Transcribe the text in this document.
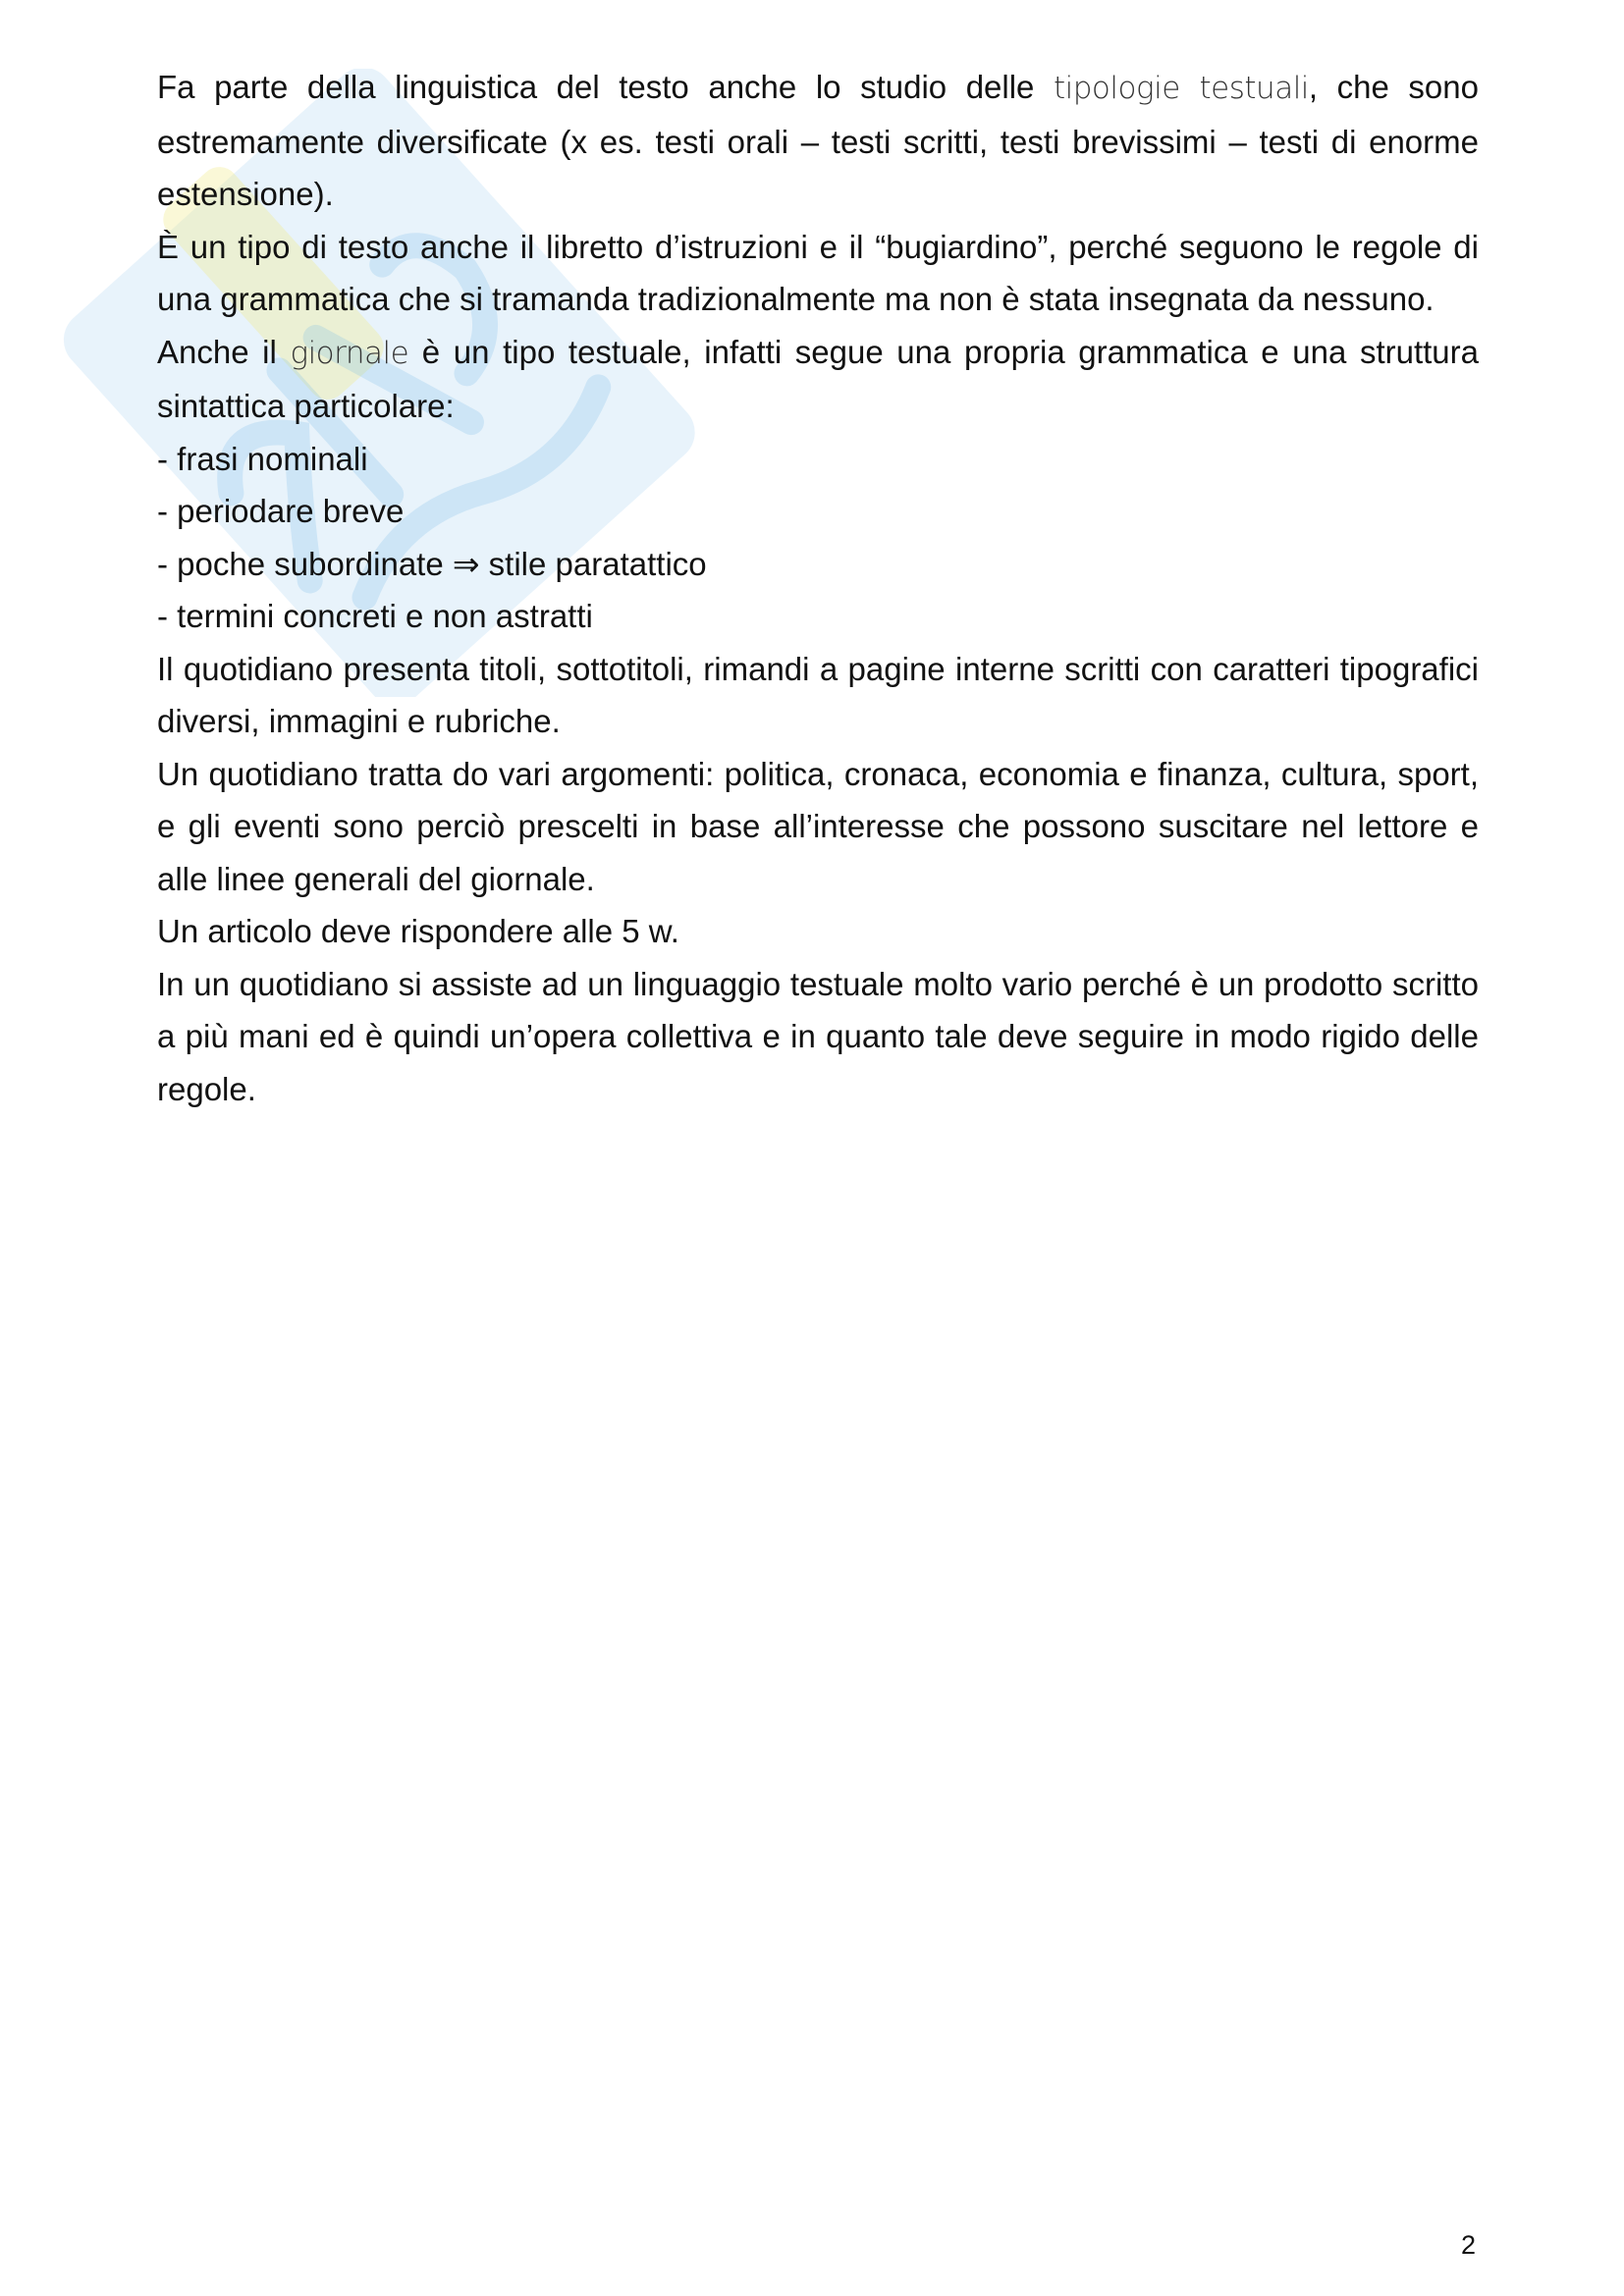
Fa parte della linguistica del testo anche lo studio delle tipologie testuali, che sono estremamente diversificate (x es. testi orali – testi scritti, testi brevissimi – testi di enorme estensione).

È un tipo di testo anche il libretto d’istruzioni e il “bugiardino”, perché seguono le regole di una grammatica che si tramanda tradizionalmente ma non è stata insegnata da nessuno.

Anche il giornale è un tipo testuale, infatti segue una propria grammatica e una struttura sintattica particolare:

- frasi nominali
- periodare breve
- poche subordinate ⇒ stile paratattico
- termini concreti e non astratti

Il quotidiano presenta titoli, sottotitoli, rimandi a pagine interne scritti con caratteri tipografici diversi, immagini e rubriche.

Un quotidiano tratta do vari argomenti: politica, cronaca, economia e finanza, cultura, sport, e gli eventi sono perciò prescelti in base all’interesse che possono suscitare nel lettore e alle linee generali del giornale.

Un articolo deve rispondere alle 5 w.

In un quotidiano si assiste ad un linguaggio testuale molto vario perché è un prodotto scritto a più mani ed è quindi un’opera collettiva e in quanto tale deve seguire in modo rigido delle regole.

2
